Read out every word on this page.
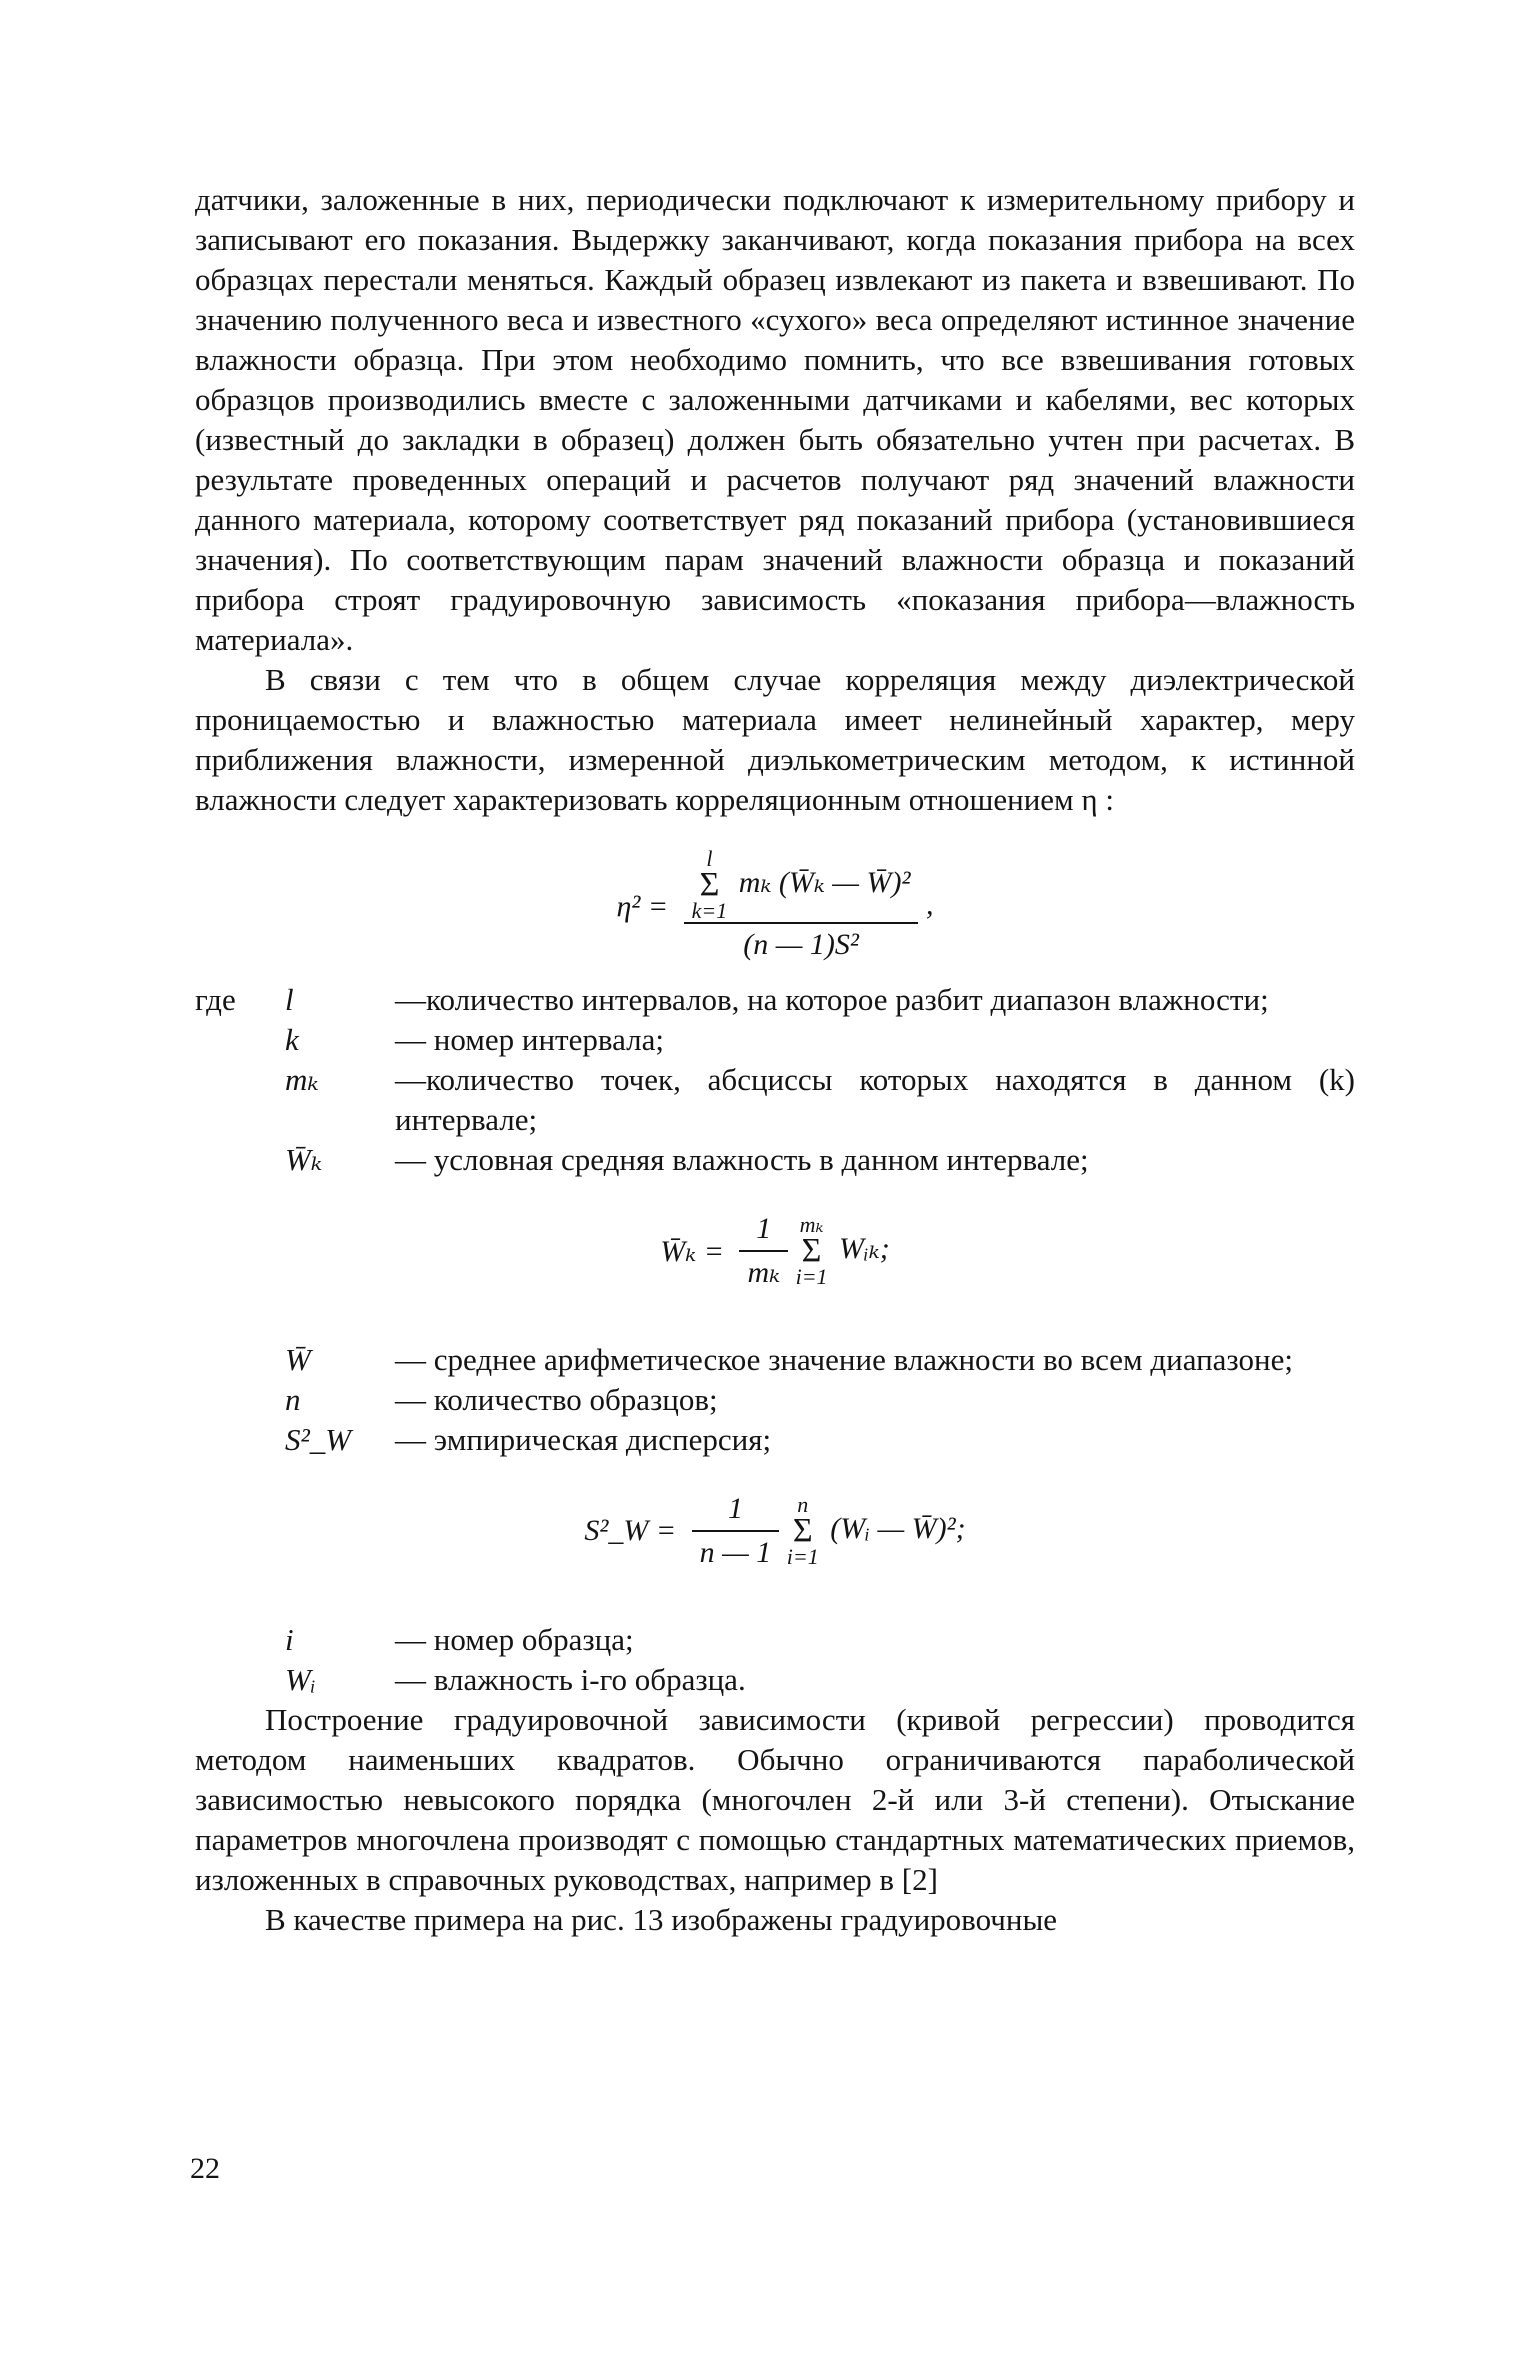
датчики, заложенные в них, периодически подключают к измерительному прибору и записывают его показания. Выдержку заканчивают, когда показания прибора на всех образцах перестали меняться. Каждый образец извлекают из пакета и взвешивают. По значению полученного веса и известного «сухого» веса определяют истинное значение влажности образца. При этом необходимо помнить, что все взвешивания готовых образцов производились вместе с заложенными датчиками и кабелями, вес которых (известный до закладки в образец) должен быть обязательно учтен при расчетах. В результате проведенных операций и расчетов получают ряд значений влажности данного материала, которому соответствует ряд показаний прибора (установившиеся значения). По соответствующим парам значений влажности образца и показаний прибора строят градуировочную зависимость «показания прибора—влажность материала».

В связи с тем что в общем случае корреляция между диэлектрической проницаемостью и влажностью материала имеет нелинейный характер, меру приближения влажности, измеренной диэлькометрическим методом, к истинной влажности следует характеризовать корреляционным отношением η :

η² =
l
Σ
k=1
mₖ (W̄ₖ — W̄)²
(n — 1)S²
,
где	l	—количество интервалов, на которое разбит диапазон влажности;
k	— номер интервала;
mₖ	—количество точек, абсциссы которых находятся в данном (k) интервале;
W̄ₖ	— условная средняя влажность в данном интервале;
W̄ₖ = $\frac{1}{\text{mₖ}}$
mₖ
Σ
i=1
Wᵢₖ;
W̄	— среднее арифметическое значение влажности во всем диапазоне;
n	— количество образцов;
S²_W	— эмпирическая дисперсия;
S²_W = $\frac{1}{n — 1}$
n
Σ
i=1
(Wᵢ — W̄)²;
i	— номер образца;
Wᵢ	— влажность i-го образца.

Построение градуировочной зависимости (кривой регрессии) проводится методом наименьших квадратов. Обычно ограничиваются параболической зависимостью невысокого порядка (многочлен 2-й или 3-й степени). Отыскание параметров многочлена производят с помощью стандартных математических приемов, изложенных в справочных руководствах, например в [2]

В качестве примера на рис. 13 изображены градуировочные

22
